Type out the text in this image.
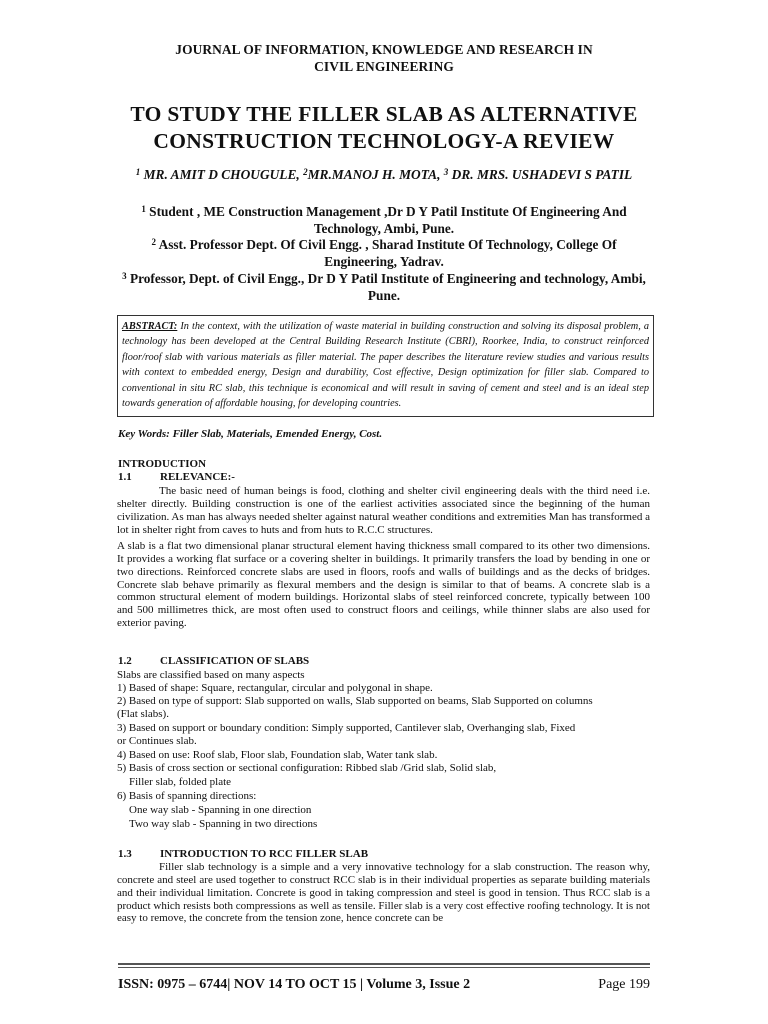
JOURNAL OF INFORMATION, KNOWLEDGE AND RESEARCH IN
CIVIL ENGINEERING
TO STUDY THE FILLER SLAB AS ALTERNATIVE
CONSTRUCTION TECHNOLOGY-A REVIEW
$^1$ MR. AMIT D CHOUGULE, $^2$MR.MANOJ H. MOTA, $^3$ DR. MRS. USHADEVI S PATIL
$^1$ Student , ME Construction Management ,Dr D Y Patil Institute Of Engineering And Technology, Ambi, Pune.
$^2$ Asst. Professor Dept. Of Civil Engg. , Sharad Institute Of Technology, College Of Engineering, Yadrav.
$^3$ Professor, Dept. of Civil Engg., Dr D Y Patil Institute of Engineering and technology, Ambi, Pune.
ABSTRACT: In the context, with the utilization of waste material in building construction and solving its disposal problem, a technology has been developed at the Central Building Research Institute (CBRI), Roorkee, India, to construct reinforced floor/roof slab with various materials as filler material. The paper describes the literature review studies and various results with context to embedded energy, Design and durability, Cost effective, Design optimization for filler slab. Compared to conventional in situ RC slab, this technique is economical and will result in saving of cement and steel and is an ideal step towards generation of affordable housing, for developing countries.
Key Words: Filler Slab, Materials, Emended Energy, Cost.
INTRODUCTION
1.1	RELEVANCE:-
The basic need of human beings is food, clothing and shelter civil engineering deals with the third need i.e. shelter directly. Building construction is one of the earliest activities associated since the beginning of the human civilization. As man has always needed shelter against natural weather conditions and extremities Man has transformed a lot in shelter right from caves to huts and from huts to R.C.C structures.
A slab is a flat two dimensional planar structural element having thickness small compared to its other two dimensions. It provides a working flat surface or a covering shelter in buildings. It primarily transfers the load by bending in one or two directions. Reinforced concrete slabs are used in floors, roofs and walls of buildings and as the decks of bridges. Concrete slab behave primarily as flexural members and the design is similar to that of beams. A concrete slab is a common structural element of modern buildings. Horizontal slabs of steel reinforced concrete, typically between 100 and 500 millimetres thick, are most often used to construct floors and ceilings, while thinner slabs are also used for exterior paving.
1.2	CLASSIFICATION OF SLABS
Slabs are classified based on many aspects
1) Based of shape: Square, rectangular, circular and polygonal in shape.
2) Based on type of support: Slab supported on walls, Slab supported on beams, Slab Supported on columns
(Flat slabs).
3) Based on support or boundary condition: Simply supported, Cantilever slab, Overhanging slab, Fixed
or Continues slab.
4) Based on use: Roof slab, Floor slab, Foundation slab, Water tank slab.
5) Basis of cross section or sectional configuration: Ribbed slab /Grid slab, Solid slab,
Filler slab, folded plate
6) Basis of spanning directions:
One way slab - Spanning in one direction
Two way slab - Spanning in two directions
1.3	INTRODUCTION TO RCC FILLER SLAB
Filler slab technology is a simple and a very innovative technology for a slab construction. The reason why, concrete and steel are used together to construct RCC slab is in their individual properties as separate building materials and their individual limitation. Concrete is good in taking compression and steel is good in tension. Thus RCC slab is a product which resists both compressions as well as tensile. Filler slab is a very cost effective roofing technology. It is not easy to remove, the concrete from the tension zone, hence concrete can be
ISSN: 0975 – 6744| NOV 14 TO OCT 15 | Volume 3, Issue 2	Page 199
